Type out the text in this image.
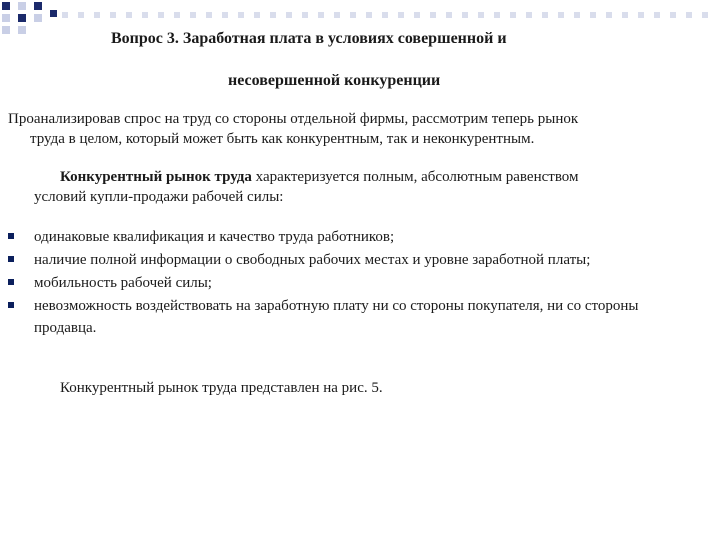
Вопрос 3. Заработная плата в условиях совершенной и
несовершенной конкуренции
Проанализировав спрос на труд со стороны отдельной фирмы, рассмотрим теперь рынок
труда в целом, который может быть как конкурентным, так и неконкурентным.
Конкурентный рынок труда характеризуется полным, абсолютным равенством
условий купли-продажи рабочей силы:
одинаковые квалификация и качество труда работников;
наличие полной информации о свободных рабочих местах и уровне заработной платы;
мобильность рабочей силы;
невозможность воздействовать на заработную плату ни со стороны покупателя, ни со стороны продавца.
Конкурентный рынок труда представлен на рис. 5.
